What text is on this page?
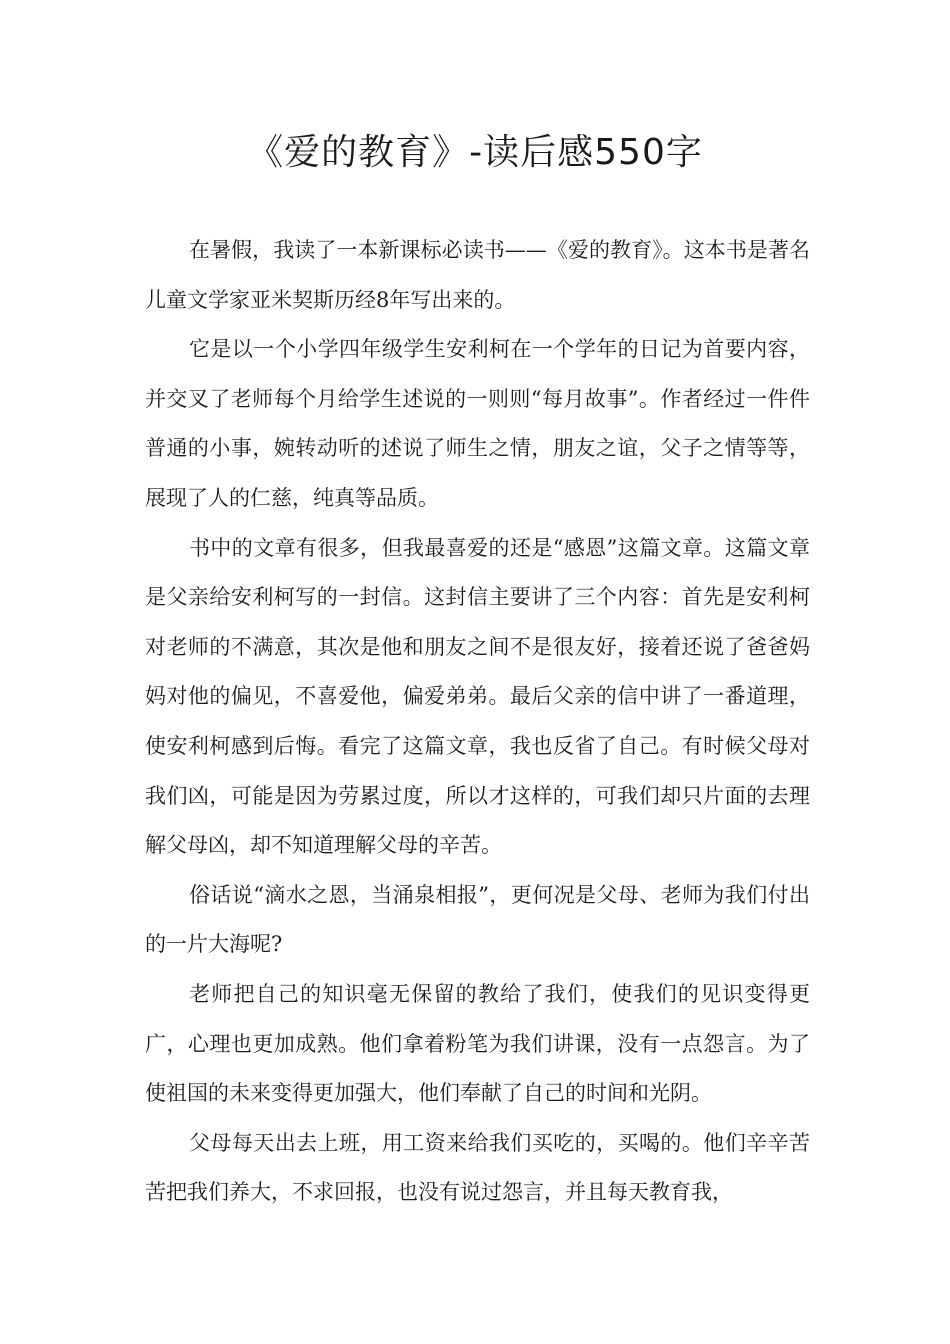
《爱的教育》-读后感550字

在暑假，我读了一本新课标必读书——《爱的教育》。这本书是著名儿童文学家亚米契斯历经8年写出来的。

它是以一个小学四年级学生安利柯在一个学年的日记为首要内容，并交叉了老师每个月给学生述说的一则则“每月故事”。作者经过一件件普通的小事，婉转动听的述说了师生之情，朋友之谊，父子之情等等，展现了人的仁慈，纯真等品质。

书中的文章有很多，但我最喜爱的还是“感恩”这篇文章。这篇文章是父亲给安利柯写的一封信。这封信主要讲了三个内容：首先是安利柯对老师的不满意，其次是他和朋友之间不是很友好，接着还说了爸爸妈妈对他的偏见，不喜爱他，偏爱弟弟。最后父亲的信中讲了一番道理，使安利柯感到后悔。看完了这篇文章，我也反省了自己。有时候父母对我们凶，可能是因为劳累过度，所以才这样的，可我们却只片面的去理解父母凶，却不知道理解父母的辛苦。

俗话说“滴水之恩，当涌泉相报”，更何况是父母、老师为我们付出的一片大海呢?

老师把自己的知识毫无保留的教给了我们，使我们的见识变得更广，心理也更加成熟。他们拿着粉笔为我们讲课，没有一点怨言。为了使祖国的未来变得更加强大，他们奉献了自己的时间和光阴。

父母每天出去上班，用工资来给我们买吃的，买喝的。他们辛辛苦苦把我们养大，不求回报，也没有说过怨言，并且每天教育我，
